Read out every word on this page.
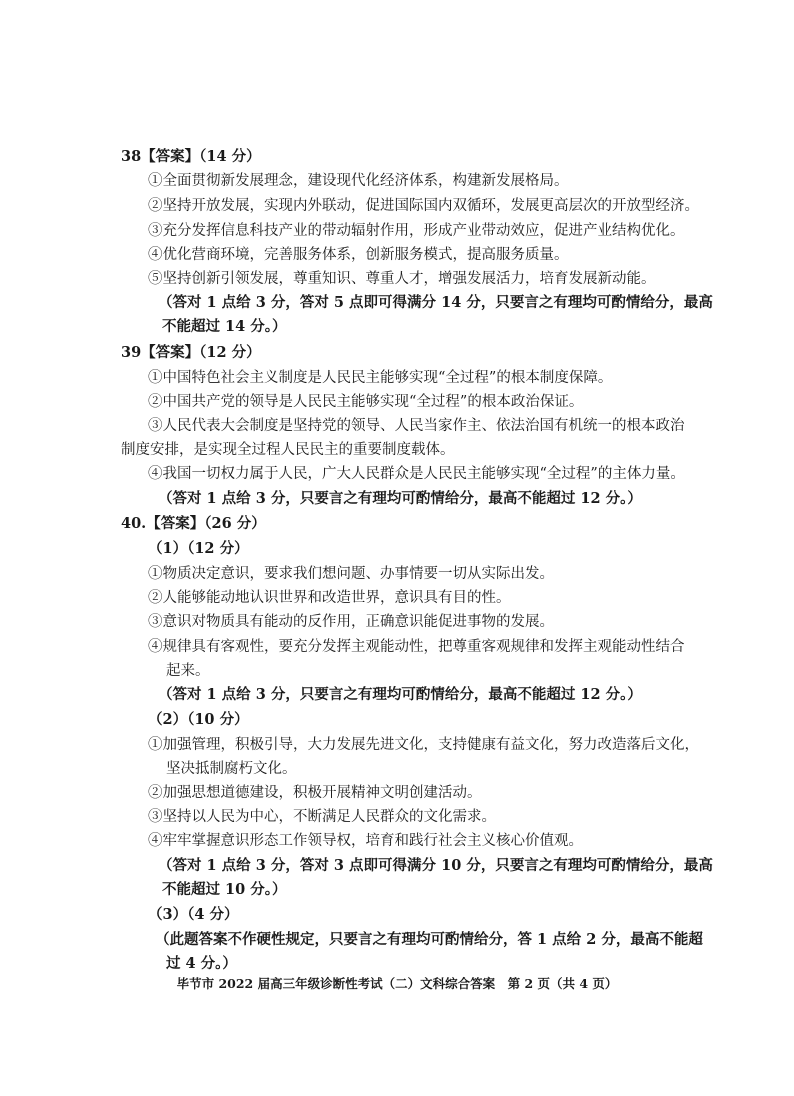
38【答案】（14 分）
①全面贯彻新发展理念，建设现代化经济体系，构建新发展格局。
②坚持开放发展，实现内外联动，促进国际国内双循环，发展更高层次的开放型经济。
③充分发挥信息科技产业的带动辐射作用，形成产业带动效应，促进产业结构优化。
④优化营商环境，完善服务体系，创新服务模式，提高服务质量。
⑤坚持创新引领发展，尊重知识、尊重人才，增强发展活力，培育发展新动能。
（答对 1 点给 3 分，答对 5 点即可得满分 14 分，只要言之有理均可酌情给分，最高
不能超过 14 分。）
39【答案】（12 分）
①中国特色社会主义制度是人民民主能够实现“全过程”的根本制度保障。
②中国共产党的领导是人民民主能够实现“全过程”的根本政治保证。
③人民代表大会制度是坚持党的领导、人民当家作主、依法治国有机统一的根本政治
制度安排，是实现全过程人民民主的重要制度载体。
④我国一切权力属于人民，广大人民群众是人民民主能够实现“全过程”的主体力量。
（答对 1 点给 3 分，只要言之有理均可酌情给分，最高不能超过 12 分。）
40.【答案】（26 分）
（1）（12 分）
①物质决定意识，要求我们想问题、办事情要一切从实际出发。
②人能够能动地认识世界和改造世界，意识具有目的性。
③意识对物质具有能动的反作用，正确意识能促进事物的发展。
④规律具有客观性，要充分发挥主观能动性，把尊重客观规律和发挥主观能动性结合
起来。
（答对 1 点给 3 分，只要言之有理均可酌情给分，最高不能超过 12 分。）
（2）（10 分）
①加强管理，积极引导，大力发展先进文化，支持健康有益文化，努力改造落后文化，
坚决抵制腐朽文化。
②加强思想道德建设，积极开展精神文明创建活动。
③坚持以人民为中心，不断满足人民群众的文化需求。
④牢牢掌握意识形态工作领导权，培育和践行社会主义核心价值观。
（答对 1 点给 3 分，答对 3 点即可得满分 10 分，只要言之有理均可酌情给分，最高
不能超过 10 分。）
（3）（4 分）
（此题答案不作硬性规定，只要言之有理均可酌情给分，答 1 点给 2 分，最高不能超
过 4 分。）
毕节市 2022 届高三年级诊断性考试（二）文科综合答案　第 2 页（共 4 页）
